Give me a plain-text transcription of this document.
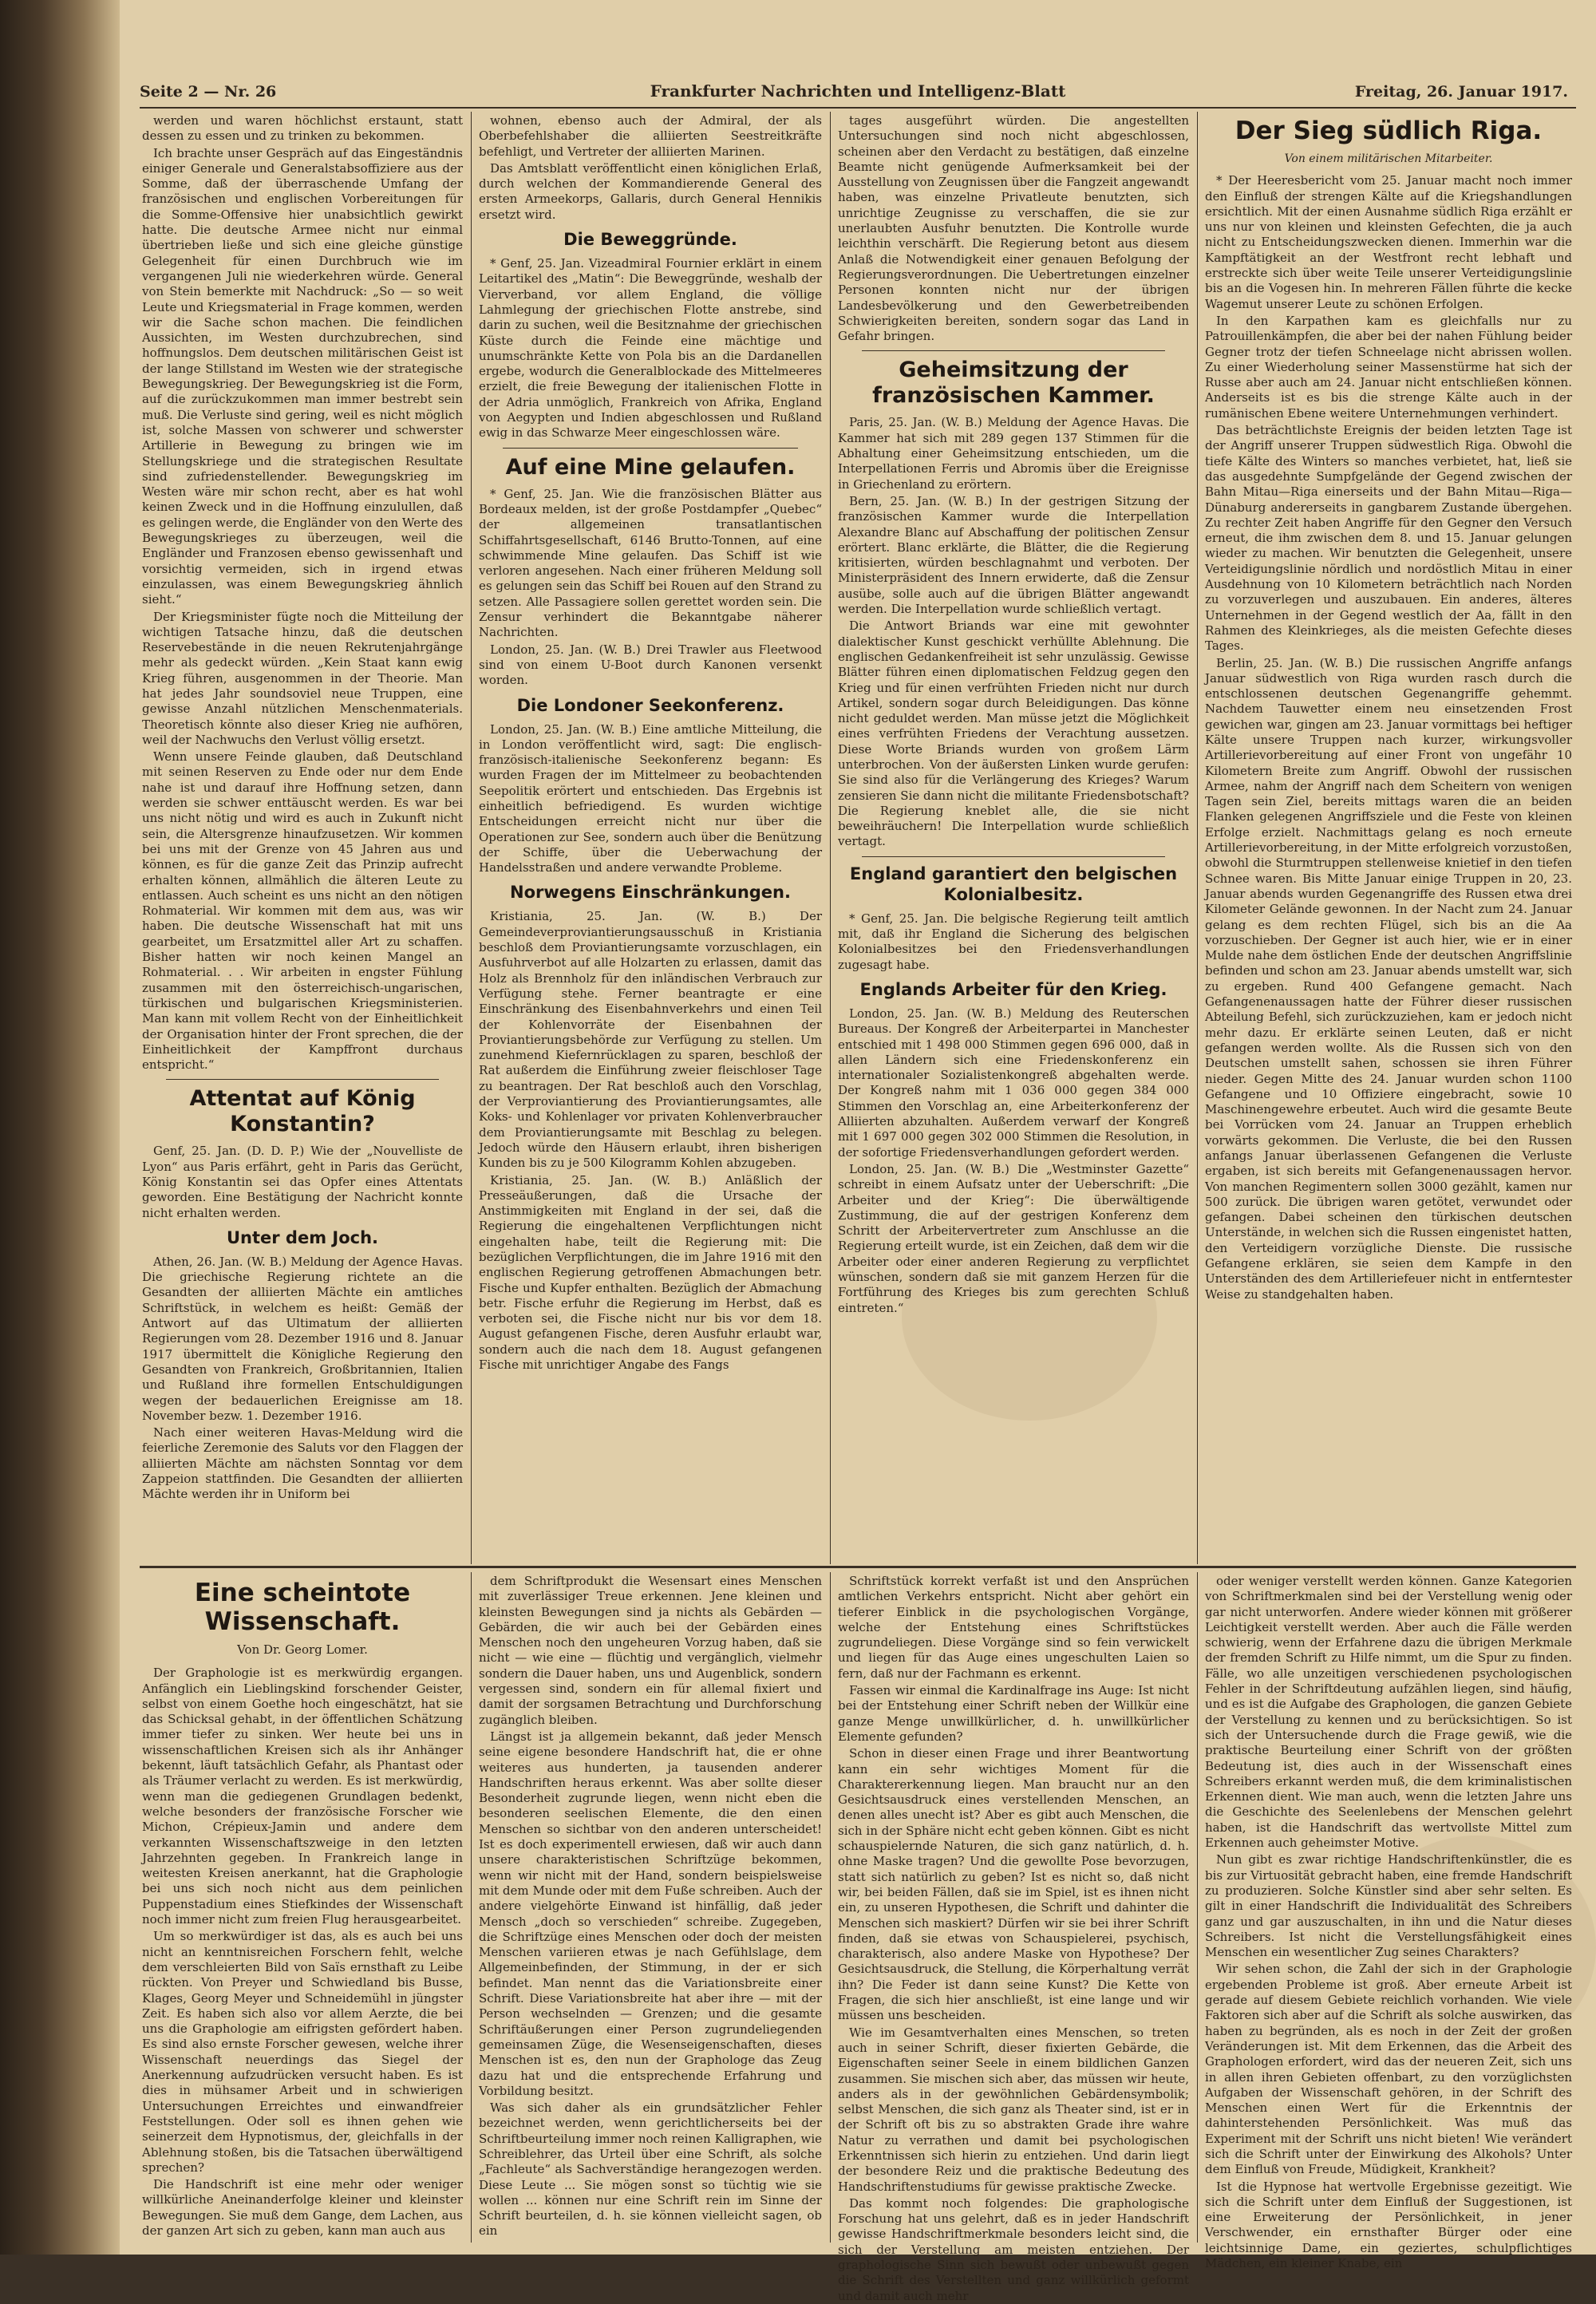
Seite 2 — Nr. 26	Frankfurter Nachrichten und Intelligenz-Blatt	Freitag, 26. Januar 1917.

werden und waren höchlichst erstaunt, statt dessen zu essen und zu trinken zu bekommen.

Ich brachte unser Gespräch auf das Eingeständnis einiger Generale und Generalstabsoffiziere aus der Somme, daß der überraschende Umfang der französischen und englischen Vorbereitungen für die Somme-Offensive hier unabsichtlich gewirkt hatte. Die deutsche Armee nicht nur einmal übertrieben ließe und sich eine gleiche günstige Gelegenheit für einen Durchbruch wie im vergangenen Juli nie wiederkehren würde. General von Stein bemerkte mit Nachdruck: „So — so weit Leute und Kriegsmaterial in Frage kommen, werden wir die Sache schon machen. Die feindlichen Aussichten, im Westen durchzubrechen, sind hoffnungslos. Dem deutschen militärischen Geist ist der lange Stillstand im Westen wie der strategische Bewegungskrieg. Der Bewegungskrieg ist die Form, auf die zurückzukommen man immer bestrebt sein muß. Die Verluste sind gering, weil es nicht möglich ist, solche Massen von schwerer und schwerster Artillerie in Bewegung zu bringen wie im Stellungskriege und die strategischen Resultate sind zufriedenstellender. Bewegungskrieg im Westen wäre mir schon recht, aber es hat wohl keinen Zweck und in die Hoffnung einzulullen, daß es gelingen werde, die Engländer von den Werte des Bewegungskrieges zu überzeugen, weil die Engländer und Franzosen ebenso gewissenhaft und vorsichtig vermeiden, sich in irgend etwas einzulassen, was einem Bewegungskrieg ähnlich sieht.“

Der Kriegsminister fügte noch die Mitteilung der wichtigen Tatsache hinzu, daß die deutschen Reservebestände in die neuen Rekrutenjahrgänge mehr als gedeckt würden. „Kein Staat kann ewig Krieg führen, ausgenommen in der Theorie. Man hat jedes Jahr soundsoviel neue Truppen, eine gewisse Anzahl nützlichen Menschenmaterials. Theoretisch könnte also dieser Krieg nie aufhören, weil der Nachwuchs den Verlust völlig ersetzt.

Wenn unsere Feinde glauben, daß Deutschland mit seinen Reserven zu Ende oder nur dem Ende nahe ist und darauf ihre Hoffnung setzen, dann werden sie schwer enttäuscht werden. Es war bei uns nicht nötig und wird es auch in Zukunft nicht sein, die Altersgrenze hinaufzusetzen. Wir kommen bei uns mit der Grenze von 45 Jahren aus und können, es für die ganze Zeit das Prinzip aufrecht erhalten können, allmählich die älteren Leute zu entlassen. Auch scheint es uns nicht an den nötigen Rohmaterial. Wir kommen mit dem aus, was wir haben. Die deutsche Wissenschaft hat mit uns gearbeitet, um Ersatzmittel aller Art zu schaffen. Bisher hatten wir noch keinen Mangel an Rohmaterial. . . Wir arbeiten in engster Fühlung zusammen mit den österreichisch-ungarischen, türkischen und bulgarischen Kriegsministerien. Man kann mit vollem Recht von der Einheitlichkeit der Organisation hinter der Front sprechen, die der Einheitlichkeit der Kampffront durchaus entspricht.“

Attentat auf König Konstantin?

Genf, 25. Jan. (D. D. P.) Wie der „Nouvelliste de Lyon“ aus Paris erfährt, geht in Paris das Gerücht, König Konstantin sei das Opfer eines Attentats geworden. Eine Bestätigung der Nachricht konnte nicht erhalten werden.

Unter dem Joch.

Athen, 26. Jan. (W. B.) Meldung der Agence Havas. Die griechische Regierung richtete an die Gesandten der alliierten Mächte ein amtliches Schriftstück, in welchem es heißt: Gemäß der Antwort auf das Ultimatum der alliierten Regierungen vom 28. Dezember 1916 und 8. Januar 1917 übermittelt die Königliche Regierung den Gesandten von Frankreich, Großbritannien, Italien und Rußland ihre formellen Entschuldigungen wegen der bedauerlichen Ereignisse am 18. November bezw. 1. Dezember 1916.

Nach einer weiteren Havas-Meldung wird die feierliche Zeremonie des Saluts vor den Flaggen der alliierten Mächte am nächsten Sonntag vor dem Zappeion stattfinden. Die Gesandten der alliierten Mächte werden ihr in Uniform bei

wohnen, ebenso auch der Admiral, der als Oberbefehlshaber die alliierten Seestreitkräfte befehligt, und Vertreter der alliierten Marinen.

Das Amtsblatt veröffentlicht einen königlichen Erlaß, durch welchen der Kommandierende General des ersten Armeekorps, Gallaris, durch General Hennikis ersetzt wird.

Die Beweggründe.

* Genf, 25. Jan. Vizeadmiral Fournier erklärt in einem Leitartikel des „Matin“: Die Beweggründe, weshalb der Vierverband, vor allem England, die völlige Lahmlegung der griechischen Flotte anstrebe, sind darin zu suchen, weil die Besitznahme der griechischen Küste durch die Feinde eine mächtige und unumschränkte Kette von Pola bis an die Dardanellen ergebe, wodurch die Generalblockade des Mittelmeeres erzielt, die freie Bewegung der italienischen Flotte in der Adria unmöglich, Frankreich von Afrika, England von Aegypten und Indien abgeschlossen und Rußland ewig in das Schwarze Meer eingeschlossen wäre.

Auf eine Mine gelaufen.

* Genf, 25. Jan. Wie die französischen Blätter aus Bordeaux melden, ist der große Postdampfer „Quebec“ der allgemeinen transatlantischen Schiffahrtsgesellschaft, 6146 Brutto-Tonnen, auf eine schwimmende Mine gelaufen. Das Schiff ist wie verloren angesehen. Nach einer früheren Meldung soll es gelungen sein das Schiff bei Rouen auf den Strand zu setzen. Alle Passagiere sollen gerettet worden sein. Die Zensur verhindert die Bekanntgabe näherer Nachrichten.

London, 25. Jan. (W. B.) Drei Trawler aus Fleetwood sind von einem U-Boot durch Kanonen versenkt worden.

Die Londoner Seekonferenz.

London, 25. Jan. (W. B.) Eine amtliche Mitteilung, die in London veröffentlicht wird, sagt: Die englisch-französisch-italienische Seekonferenz begann: Es wurden Fragen der im Mittelmeer zu beobachtenden Seepolitik erörtert und entschieden. Das Ergebnis ist einheitlich befriedigend. Es wurden wichtige Entscheidungen erreicht nicht nur über die Operationen zur See, sondern auch über die Benützung der Schiffe, über die Ueberwachung der Handelsstraßen und andere verwandte Probleme.

Norwegens Einschränkungen.

Kristiania, 25. Jan. (W. B.) Der Gemeindeverproviantierungsausschuß in Kristiania beschloß dem Proviantierungsamte vorzuschlagen, ein Ausfuhrverbot auf alle Holzarten zu erlassen, damit das Holz als Brennholz für den inländischen Verbrauch zur Verfügung stehe. Ferner beantragte er eine Einschränkung des Eisenbahnverkehrs und einen Teil der Kohlenvorräte der Eisenbahnen der Proviantierungsbehörde zur Verfügung zu stellen. Um zunehmend Kiefernrücklagen zu sparen, beschloß der Rat außerdem die Einführung zweier fleischloser Tage zu beantragen. Der Rat beschloß auch den Vorschlag, der Verproviantierung des Proviantierungsamtes, alle Koks- und Kohlenlager vor privaten Kohlenverbraucher dem Proviantierungsamte mit Beschlag zu belegen. Jedoch würde den Häusern erlaubt, ihren bisherigen Kunden bis zu je 500 Kilogramm Kohlen abzugeben.

Kristiania, 25. Jan. (W. B.) Anläßlich der Presseäußerungen, daß die Ursache der Anstimmigkeiten mit England in der sei, daß die Regierung die eingehaltenen Verpflichtungen nicht eingehalten habe, teilt die Regierung mit: Die bezüglichen Verpflichtungen, die im Jahre 1916 mit den englischen Regierung getroffenen Abmachungen betr. Fische und Kupfer enthalten. Bezüglich der Abmachung betr. Fische erfuhr die Regierung im Herbst, daß es verboten sei, die Fische nicht nur bis vor dem 18. August gefangenen Fische, deren Ausfuhr erlaubt war, sondern auch die nach dem 18. August gefangenen Fische mit unrichtiger Angabe des Fangs

tages ausgeführt würden. Die angestellten Untersuchungen sind noch nicht abgeschlossen, scheinen aber den Verdacht zu bestätigen, daß einzelne Beamte nicht genügende Aufmerksamkeit bei der Ausstellung von Zeugnissen über die Fangzeit angewandt haben, was einzelne Privatleute benutzten, sich unrichtige Zeugnisse zu verschaffen, die sie zur unerlaubten Ausfuhr benutzten. Die Kontrolle wurde leichthin verschärft. Die Regierung betont aus diesem Anlaß die Notwendigkeit einer genauen Befolgung der Regierungsverordnungen. Die Uebertretungen einzelner Personen konnten nicht nur der übrigen Landesbevölkerung und den Gewerbetreibenden Schwierigkeiten bereiten, sondern sogar das Land in Gefahr bringen.

Geheimsitzung der französischen Kammer.

Paris, 25. Jan. (W. B.) Meldung der Agence Havas. Die Kammer hat sich mit 289 gegen 137 Stimmen für die Abhaltung einer Geheimsitzung entschieden, um die Interpellationen Ferris und Abromis über die Ereignisse in Griechenland zu erörtern.

Bern, 25. Jan. (W. B.) In der gestrigen Sitzung der französischen Kammer wurde die Interpellation Alexandre Blanc auf Abschaffung der politischen Zensur erörtert. Blanc erklärte, die Blätter, die die Regierung kritisierten, würden beschlagnahmt und verboten. Der Ministerpräsident des Innern erwiderte, daß die Zensur ausübe, solle auch auf die übrigen Blätter angewandt werden. Die Interpellation wurde schließlich vertagt.

Die Antwort Briands war eine mit gewohnter dialektischer Kunst geschickt verhüllte Ablehnung. Die englischen Gedankenfreiheit ist sehr unzulässig. Gewisse Blätter führen einen diplomatischen Feldzug gegen den Krieg und für einen verfrühten Frieden nicht nur durch Artikel, sondern sogar durch Beleidigungen. Das könne nicht geduldet werden. Man müsse jetzt die Möglichkeit eines verfrühten Friedens der Verachtung aussetzen. Diese Worte Briands wurden von großem Lärm unterbrochen. Von der äußersten Linken wurde gerufen: Sie sind also für die Verlängerung des Krieges? Warum zensieren Sie dann nicht die militante Friedensbotschaft? Die Regierung kneblet alle, die sie nicht beweihräuchern! Die Interpellation wurde schließlich vertagt.

England garantiert den belgischen Kolonialbesitz.

* Genf, 25. Jan. Die belgische Regierung teilt amtlich mit, daß ihr England die Sicherung des belgischen Kolonialbesitzes bei den Friedensverhandlungen zugesagt habe.

Englands Arbeiter für den Krieg.

London, 25. Jan. (W. B.) Meldung des Reuterschen Bureaus. Der Kongreß der Arbeiterpartei in Manchester entschied mit 1 498 000 Stimmen gegen 696 000, daß in allen Ländern sich eine Friedenskonferenz ein internationaler Sozialistenkongreß abgehalten werde. Der Kongreß nahm mit 1 036 000 gegen 384 000 Stimmen den Vorschlag an, eine Arbeiterkonferenz der Alliierten abzuhalten. Außerdem verwarf der Kongreß mit 1 697 000 gegen 302 000 Stimmen die Resolution, in der sofortige Friedensverhandlungen gefordert werden.

London, 25. Jan. (W. B.) Die „Westminster Gazette“ schreibt in einem Aufsatz unter der Ueberschrift: „Die Arbeiter und der Krieg“: Die überwältigende Zustimmung, die auf der gestrigen Konferenz dem Schritt der Arbeitervertreter zum Anschlusse an die Regierung erteilt wurde, ist ein Zeichen, daß dem wir die Arbeiter oder einer anderen Regierung zu verpflichtet wünschen, sondern daß sie mit ganzem Herzen für die Fortführung des Krieges bis zum gerechten Schluß eintreten.“

Der Sieg südlich Riga.
Von einem militärischen Mitarbeiter.

* Der Heeresbericht vom 25. Januar macht noch immer den Einfluß der strengen Kälte auf die Kriegshandlungen ersichtlich. Mit der einen Ausnahme südlich Riga erzählt er uns nur von kleinen und kleinsten Gefechten, die ja auch nicht zu Entscheidungszwecken dienen. Immerhin war die Kampftätigkeit an der Westfront recht lebhaft und erstreckte sich über weite Teile unserer Verteidigungslinie bis an die Vogesen hin. In mehreren Fällen führte die kecke Wagemut unserer Leute zu schönen Erfolgen.

In den Karpathen kam es gleichfalls nur zu Patrouillenkämpfen, die aber bei der nahen Fühlung beider Gegner trotz der tiefen Schneelage nicht abrissen wollen. Zu einer Wiederholung seiner Massenstürme hat sich der Russe aber auch am 24. Januar nicht entschließen können. Anderseits ist es bis die strenge Kälte auch in der rumänischen Ebene weitere Unternehmungen verhindert.

Das beträchtlichste Ereignis der beiden letzten Tage ist der Angriff unserer Truppen südwestlich Riga. Obwohl die tiefe Kälte des Winters so manches verbietet, hat, ließ sie das ausgedehnte Sumpfgelände der Gegend zwischen der Bahn Mitau—Riga einerseits und der Bahn Mitau—Riga—Dünaburg andererseits in gangbarem Zustande übergehen. Zu rechter Zeit haben Angriffe für den Gegner den Versuch erneut, die ihm zwischen dem 8. und 15. Januar gelungen wieder zu machen. Wir benutzten die Gelegenheit, unsere Verteidigungslinie nördlich und nordöstlich Mitau in einer Ausdehnung von 10 Kilometern beträchtlich nach Norden zu vorzuverlegen und auszubauen. Ein anderes, älteres Unternehmen in der Gegend westlich der Aa, fällt in den Rahmen des Kleinkrieges, als die meisten Gefechte dieses Tages.

Berlin, 25. Jan. (W. B.) Die russischen Angriffe anfangs Januar südwestlich von Riga wurden rasch durch die entschlossenen deutschen Gegenangriffe gehemmt. Nachdem Tauwetter einem neu einsetzenden Frost gewichen war, gingen am 23. Januar vormittags bei heftiger Kälte unsere Truppen nach kurzer, wirkungsvoller Artillerievorbereitung auf einer Front von ungefähr 10 Kilometern Breite zum Angriff. Obwohl der russischen Armee, nahm der Angriff nach dem Scheitern von wenigen Tagen sein Ziel, bereits mittags waren die an beiden Flanken gelegenen Angriffsziele und die Feste von kleinen Erfolge erzielt. Nachmittags gelang es noch erneute Artillerievorbereitung, in der Mitte erfolgreich vorzustoßen, obwohl die Sturmtruppen stellenweise knietief in den tiefen Schnee waren. Bis Mitte Januar einige Truppen in 20, 23. Januar abends wurden Gegenangriffe des Russen etwa drei Kilometer Gelände gewonnen. In der Nacht zum 24. Januar gelang es dem rechten Flügel, sich bis an die Aa vorzuschieben. Der Gegner ist auch hier, wie er in einer Mulde nahe dem östlichen Ende der deutschen Angriffslinie befinden und schon am 23. Januar abends umstellt war, sich zu ergeben. Rund 400 Gefangene gemacht. Nach Gefangenenaussagen hatte der Führer dieser russischen Abteilung Befehl, sich zurückzuziehen, kam er jedoch nicht mehr dazu. Er erklärte seinen Leuten, daß er nicht gefangen werden wollte. Als die Russen sich von den Deutschen umstellt sahen, schossen sie ihren Führer nieder. Gegen Mitte des 24. Januar wurden schon 1100 Gefangene und 10 Offiziere eingebracht, sowie 10 Maschinengewehre erbeutet. Auch wird die gesamte Beute bei Vorrücken vom 24. Januar an Truppen erheblich vorwärts gekommen. Die Verluste, die bei den Russen anfangs Januar überlassenen Gefangenen die Verluste ergaben, ist sich bereits mit Gefangenenaussagen hervor. Von manchen Regimentern sollen 3000 gezählt, kamen nur 500 zurück. Die übrigen waren getötet, verwundet oder gefangen. Dabei scheinen den türkischen deutschen Unterstände, in welchen sich die Russen eingenistet hatten, den Verteidigern vorzügliche Dienste. Die russische Gefangene erklären, sie seien dem Kampfe in den Unterständen des dem Artilleriefeuer nicht in entferntester Weise zu standgehalten haben.

Eine scheintote Wissenschaft.
Von Dr. Georg Lomer.

Der Graphologie ist es merkwürdig ergangen. Anfänglich ein Lieblingskind forschender Geister, selbst von einem Goethe hoch eingeschätzt, hat sie das Schicksal gehabt, in der öffentlichen Schätzung immer tiefer zu sinken. Wer heute bei uns in wissenschaftlichen Kreisen sich als ihr Anhänger bekennt, läuft tatsächlich Gefahr, als Phantast oder als Träumer verlacht zu werden. Es ist merkwürdig, wenn man die gediegenen Grundlagen bedenkt, welche besonders der französische Forscher wie Michon, Crépieux-Jamin und andere dem verkannten Wissenschaftszweige in den letzten Jahrzehnten gegeben. In Frankreich lange in weitesten Kreisen anerkannt, hat die Graphologie bei uns sich noch nicht aus dem peinlichen Puppenstadium eines Stiefkindes der Wissenschaft noch immer nicht zum freien Flug herausgearbeitet.

Um so merkwürdiger ist das, als es auch bei uns nicht an kenntnisreichen Forschern fehlt, welche dem verschleierten Bild von Saïs ernsthaft zu Leibe rückten. Von Preyer und Schwiedland bis Busse, Klages, Georg Meyer und Schneidemühl in jüngster Zeit. Es haben sich also vor allem Aerzte, die bei uns die Graphologie am eifrigsten gefördert haben. Es sind also ernste Forscher gewesen, welche ihrer Wissenschaft neuerdings das Siegel der Anerkennung aufzudrücken versucht haben. Es ist dies in mühsamer Arbeit und in schwierigen Untersuchungen Erreichtes und einwandfreier Feststellungen. Oder soll es ihnen gehen wie seinerzeit dem Hypnotismus, der, gleichfalls in der Ablehnung stoßen, bis die Tatsachen überwältigend sprechen?

Die Handschrift ist eine mehr oder weniger willkürliche Aneinanderfolge kleiner und kleinster Bewegungen. Sie muß dem Gange, dem Lachen, aus der ganzen Art sich zu geben, kann man auch aus

dem Schriftprodukt die Wesensart eines Menschen mit zuverlässiger Treue erkennen. Jene kleinen und kleinsten Bewegungen sind ja nichts als Gebärden — Gebärden, die wir auch bei der Gebärden eines Menschen noch den ungeheuren Vorzug haben, daß sie nicht — wie eine — flüchtig und vergänglich, vielmehr sondern die Dauer haben, uns und Augenblick, sondern vergessen sind, sondern ein für allemal fixiert und damit der sorgsamen Betrachtung und Durchforschung zugänglich bleiben.

Längst ist ja allgemein bekannt, daß jeder Mensch seine eigene besondere Handschrift hat, die er ohne weiteres aus hunderten, ja tausenden anderer Handschriften heraus erkennt. Was aber sollte dieser Besonderheit zugrunde liegen, wenn nicht eben die besonderen seelischen Elemente, die den einen Menschen so sichtbar von den anderen unterscheidet! Ist es doch experimentell erwiesen, daß wir auch dann unsere charakteristischen Schriftzüge bekommen, wenn wir nicht mit der Hand, sondern beispielsweise mit dem Munde oder mit dem Fuße schreiben. Auch der andere vielgehörte Einwand ist hinfällig, daß jeder Mensch „doch so verschieden“ schreibe. Zugegeben, die Schriftzüge eines Menschen oder doch der meisten Menschen variieren etwas je nach Gefühlslage, dem Allgemeinbefinden, der Stimmung, in der er sich befindet. Man nennt das die Variationsbreite einer Schrift. Diese Variationsbreite hat aber ihre — mit der Person wechselnden — Grenzen; und die gesamte Schriftäußerungen einer Person zugrundeliegenden gemeinsamen Züge, die Wesenseigenschaften, dieses Menschen ist es, den nun der Graphologe das Zeug dazu hat und die entsprechende Erfahrung und Vorbildung besitzt.

Was sich daher als ein grundsätzlicher Fehler bezeichnet werden, wenn gerichtlicherseits bei der Schriftbeurteilung immer noch reinen Kalligraphen, wie Schreiblehrer, das Urteil über eine Schrift, als solche „Fachleute“ als Sachverständige herangezogen werden. Diese Leute ... Sie mögen sonst so tüchtig wie sie wollen ... können nur eine Schrift rein im Sinne der Schrift beurteilen, d. h. sie können vielleicht sagen, ob ein

Schriftstück korrekt verfaßt ist und den Ansprüchen amtlichen Verkehrs entspricht. Nicht aber gehört ein tieferer Einblick in die psychologischen Vorgänge, welche der Entstehung eines Schriftstückes zugrundeliegen. Diese Vorgänge sind so fein verwickelt und liegen für das Auge eines ungeschulten Laien so fern, daß nur der Fachmann es erkennt.

Fassen wir einmal die Kardinalfrage ins Auge: Ist nicht bei der Entstehung einer Schrift neben der Willkür eine ganze Menge unwillkürlicher, d. h. unwillkürlicher Elemente gefunden?

Schon in dieser einen Frage und ihrer Beantwortung kann ein sehr wichtiges Moment für die Charaktererkennung liegen. Man braucht nur an den Gesichtsausdruck eines verstellenden Menschen, an denen alles unecht ist? Aber es gibt auch Menschen, die sich in der Sphäre nicht echt geben können. Gibt es nicht schauspielernde Naturen, die sich ganz natürlich, d. h. ohne Maske tragen? Und die gewollte Pose bevorzugen, statt sich natürlich zu geben? Ist es nicht so, daß nicht wir, bei beiden Fällen, daß sie im Spiel, ist es ihnen nicht ein, zu unseren Hypothesen, die Schrift und dahinter die Menschen sich maskiert? Dürfen wir sie bei ihrer Schrift finden, daß sie etwas von Schauspielerei, psychisch, charakterisch, also andere Maske von Hypothese? Der Gesichtsausdruck, die Stellung, die Körperhaltung verrät ihn? Die Feder ist dann seine Kunst? Die Kette von Fragen, die sich hier anschließt, ist eine lange und wir müssen uns bescheiden.

Wie im Gesamtverhalten eines Menschen, so treten auch in seiner Schrift, dieser fixierten Gebärde, die Eigenschaften seiner Seele in einem bildlichen Ganzen zusammen. Sie mischen sich aber, das müssen wir heute, anders als in der gewöhnlichen Gebärdensymbolik; selbst Menschen, die sich ganz als Theater sind, ist er in der Schrift oft bis zu so abstrakten Grade ihre wahre Natur zu verrathen und damit bei psychologischen Erkenntnissen sich hierin zu entziehen. Und darin liegt der besondere Reiz und die praktische Bedeutung des Handschriftenstudiums für gewisse praktische Zwecke.

Das kommt noch folgendes: Die graphologische Forschung hat uns gelehrt, daß es in jeder Handschrift gewisse Handschriftmerkmale besonders leicht sind, die sich der Verstellung am meisten entziehen. Der graphologische Sinn sich bewußt oder unbewußt gegen die Schrift des Verstellten und ganz willkürlich geformt und damit auch mehr

oder weniger verstellt werden können. Ganze Kategorien von Schriftmerkmalen sind bei der Verstellung wenig oder gar nicht unterworfen. Andere wieder können mit größerer Leichtigkeit verstellt werden. Aber auch die Fälle werden schwierig, wenn der Erfahrene dazu die übrigen Merkmale der fremden Schrift zu Hilfe nimmt, um die Spur zu finden. Fälle, wo alle unzeitigen verschiedenen psychologischen Fehler in der Schriftdeutung aufzählen liegen, sind häufig, und es ist die Aufgabe des Graphologen, die ganzen Gebiete der Verstellung zu kennen und zu berücksichtigen. So ist sich der Untersuchende durch die Frage gewiß, wie die praktische Beurteilung einer Schrift von der größten Bedeutung ist, dies auch in der Wissenschaft eines Schreibers erkannt werden muß, die dem kriminalistischen Erkennen dient. Wie man auch, wenn die letzten Jahre uns die Geschichte des Seelenlebens der Menschen gelehrt haben, ist die Handschrift das wertvollste Mittel zum Erkennen auch geheimster Motive.

Nun gibt es zwar richtige Handschriftenkünstler, die es bis zur Virtuosität gebracht haben, eine fremde Handschrift zu produzieren. Solche Künstler sind aber sehr selten. Es gilt in einer Handschrift die Individualität des Schreibers ganz und gar auszuschalten, in ihn und die Natur dieses Schreibers. Ist nicht die Verstellungsfähigkeit eines Menschen ein wesentlicher Zug seines Charakters?

Wir sehen schon, die Zahl der sich in der Graphologie ergebenden Probleme ist groß. Aber erneute Arbeit ist gerade auf diesem Gebiete reichlich vorhanden. Wie viele Faktoren sich aber auf die Schrift als solche auswirken, das haben zu begründen, als es noch in der Zeit der großen Veränderungen ist. Mit dem Erkennen, das die Arbeit des Graphologen erfordert, wird das der neueren Zeit, sich uns in allen ihren Gebieten offenbart, zu den vorzüglichsten Aufgaben der Wissenschaft gehören, in der Schrift des Menschen einen Wert für die Erkenntnis der dahinterstehenden Persönlichkeit. Was muß das Experiment mit der Schrift uns nicht bieten! Wie verändert sich die Schrift unter der Einwirkung des Alkohols? Unter dem Einfluß von Freude, Müdigkeit, Krankheit?

Ist die Hypnose hat wertvolle Ergebnisse gezeitigt. Wie sich die Schrift unter dem Einfluß der Suggestionen, ist eine Erweiterung der Persönlichkeit, in jener Verschwender, ein ernsthafter Bürger oder eine leichtsinnige Dame, ein geziertes, schulpflichtiges Mädchen, ein kleiner Knabe, ein
